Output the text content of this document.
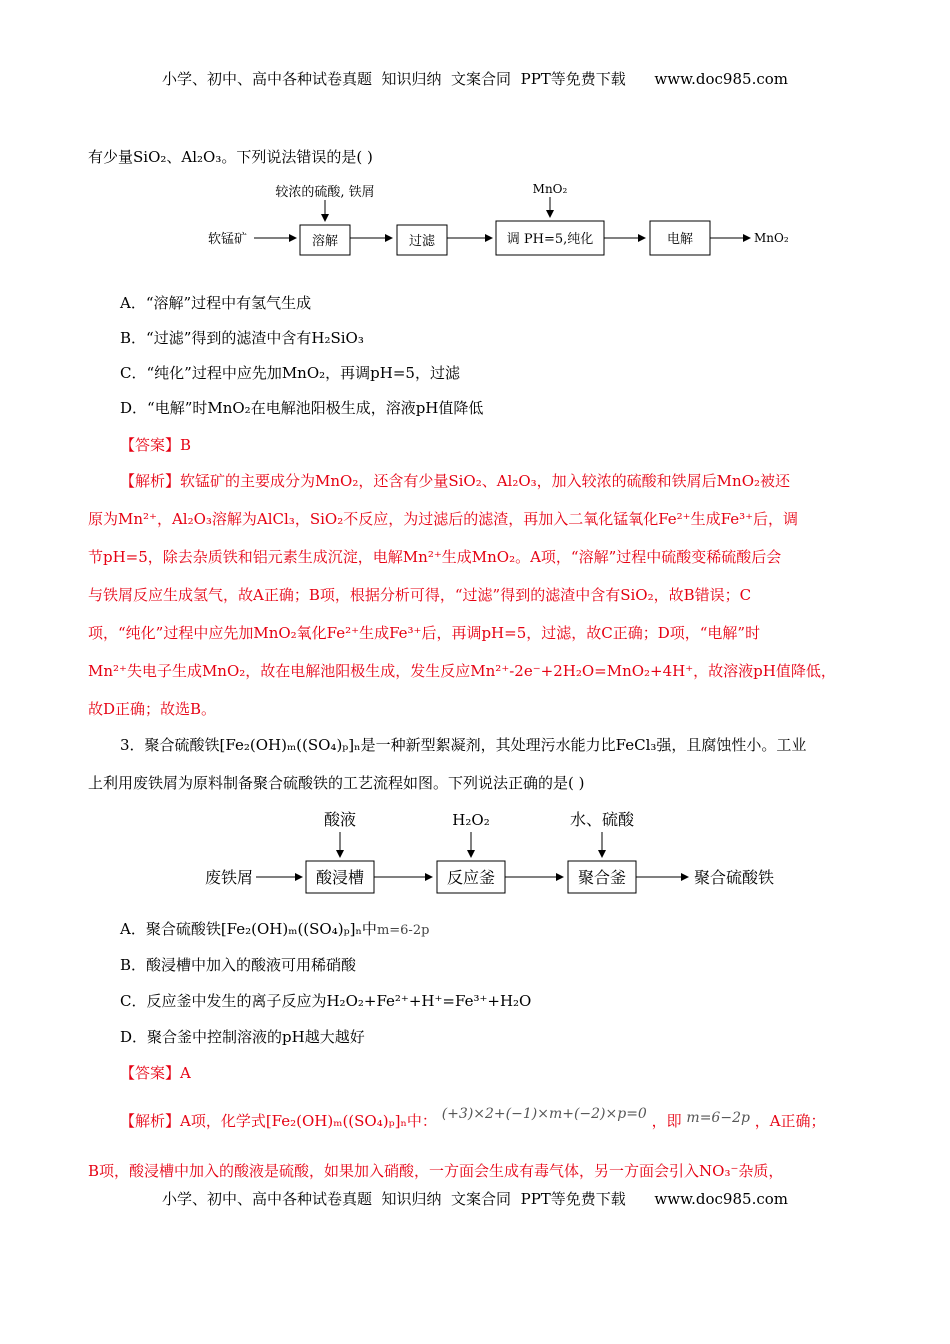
小学、初中、高中各种试卷真题  知识归纳  文案合同  PPT等免费下载      www.doc985.com
有少量SiO₂、Al₂O₃。下列说法错误的是( )
软锰矿	溶解
较浓的硫酸, 铁屑
过滤	调 PH=5,纯化
MnO₂
电解	MnO₂
废铁屑	酸浸槽
酸液
反应釜
H₂O₂
聚合釜
水、硫酸
聚合硫酸铁
A．“溶解”过程中有氢气生成
B．“过滤”得到的滤渣中含有H₂SiO₃
C．“纯化”过程中应先加MnO₂，再调pH=5，过滤
D．“电解”时MnO₂在电解池阳极生成，溶液pH值降低
【答案】B
【解析】软锰矿的主要成分为MnO₂，还含有少量SiO₂、Al₂O₃，加入较浓的硫酸和铁屑后MnO₂被还
原为Mn²⁺，Al₂O₃溶解为AlCl₃，SiO₂不反应，为过滤后的滤渣，再加入二氧化锰氧化Fe²⁺生成Fe³⁺后，调
节pH=5，除去杂质铁和铝元素生成沉淀，电解Mn²⁺生成MnO₂。A项，“溶解”过程中硫酸变稀硫酸后会
与铁屑反应生成氢气，故A正确；B项，根据分析可得，“过滤”得到的滤渣中含有SiO₂，故B错误；C
项，“纯化”过程中应先加MnO₂氧化Fe²⁺生成Fe³⁺后，再调pH=5，过滤，故C正确；D项，“电解”时
Mn²⁺失电子生成MnO₂，故在电解池阳极生成，发生反应Mn²⁺-2e⁻+2H₂O=MnO₂+4H⁺，故溶液pH值降低，
故D正确；故选B。
3．聚合硫酸铁[Fe₂(OH)ₘ((SO₄)ₚ]ₙ是一种新型絮凝剂，其处理污水能力比FeCl₃强，且腐蚀性小。工业
上利用废铁屑为原料制备聚合硫酸铁的工艺流程如图。下列说法正确的是( )
A．聚合硫酸铁[Fe₂(OH)ₘ((SO₄)ₚ]ₙ中m=6-2p
B．酸浸槽中加入的酸液可用稀硝酸
C．反应釜中发生的离子反应为H₂O₂+Fe²⁺+H⁺=Fe³⁺+H₂O
D．聚合釜中控制溶液的pH越大越好
【答案】A
【解析】A项，化学式[Fe₂(OH)ₘ((SO₄)ₚ]ₙ中： (+3)×2+(−1)×m+(−2)×p=0 ，即 m=6−2p ，A正确；
B项，酸浸槽中加入的酸液是硫酸，如果加入硝酸，一方面会生成有毒气体，另一方面会引入NO₃⁻杂质，
小学、初中、高中各种试卷真题  知识归纳  文案合同  PPT等免费下载      www.doc985.com
